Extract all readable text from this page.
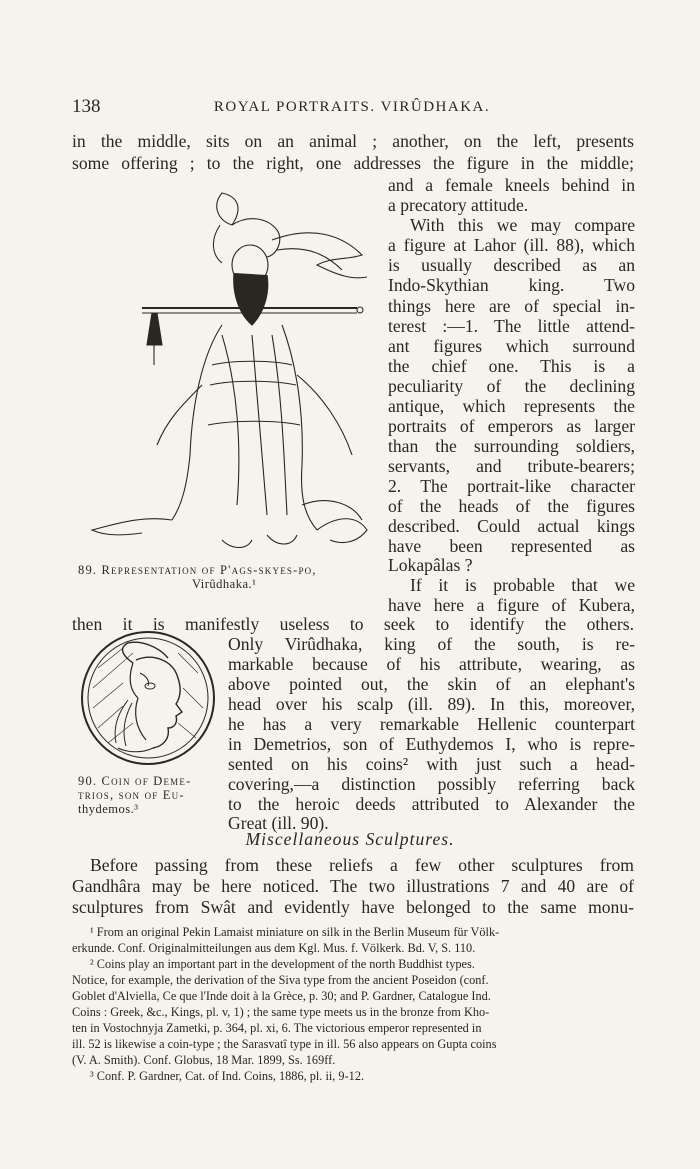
138	ROYAL PORTRAITS. VIRÛDHAKA.
in the middle, sits on an animal ; another, on the left, presents
some offering ; to the right, one addresses the figure in the middle;
and a female kneels behind in
a precatory attitude.
With this we may compare
a figure at Lahor (ill. 88), which
is usually described as an
Indo-Skythian king. Two
things here are of special in-
terest :—1. The little attend-
ant figures which surround
the chief one. This is a
peculiarity of the declining
antique, which represents the
portraits of emperors as larger
than the surrounding soldiers,
servants, and tribute-bearers;
2. The portrait-like character
of the heads of the figures
described. Could actual kings
have been represented as
Lokapâlas ?
If it is probable that we
have here a figure of Kubera,
then it is manifestly useless to seek to identify the others.
Only Virûdhaka, king of the south, is re-
markable because of his attribute, wearing, as
above pointed out, the skin of an elephant's
head over his scalp (ill. 89). In this, moreover,
he has a very remarkable Hellenic counterpart
in Demetrios, son of Euthydemos I, who is repre-
sented on his coins² with just such a head-
covering,—a distinction possibly referring back
to the heroic deeds attributed to Alexander the
Great (ill. 90).
Miscellaneous Sculptures.
Before passing from these reliefs a few other sculptures from
Gandhâra may be here noticed. The two illustrations 7 and 40 are of
sculptures from Swât and evidently have belonged to the same monu-
89. Representation of P'ags-skyes-po,
Virûdhaka.¹
90. Coin of Deme-
trios, son of Eu-
thydemos.³
¹ From an original Pekin Lamaist miniature on silk in the Berlin Museum für Völk-
erkunde. Conf. Originalmitteilungen aus dem Kgl. Mus. f. Völkerk. Bd. V, S. 110.
² Coins play an important part in the development of the north Buddhist types.
Notice, for example, the derivation of the Siva type from the ancient Poseidon (conf.
Goblet d'Alviella, Ce que l'Inde doit à la Grèce, p. 30; and P. Gardner, Catalogue Ind.
Coins : Greek, &c., Kings, pl. v, 1) ; the same type meets us in the bronze from Kho-
ten in Vostochnyja Zametki, p. 364, pl. xi, 6. The victorious emperor represented in
ill. 52 is likewise a coin-type ; the Sarasvatî type in ill. 56 also appears on Gupta coins
(V. A. Smith). Conf. Globus, 18 Mar. 1899, Ss. 169ff.
³ Conf. P. Gardner, Cat. of Ind. Coins, 1886, pl. ii, 9-12.
